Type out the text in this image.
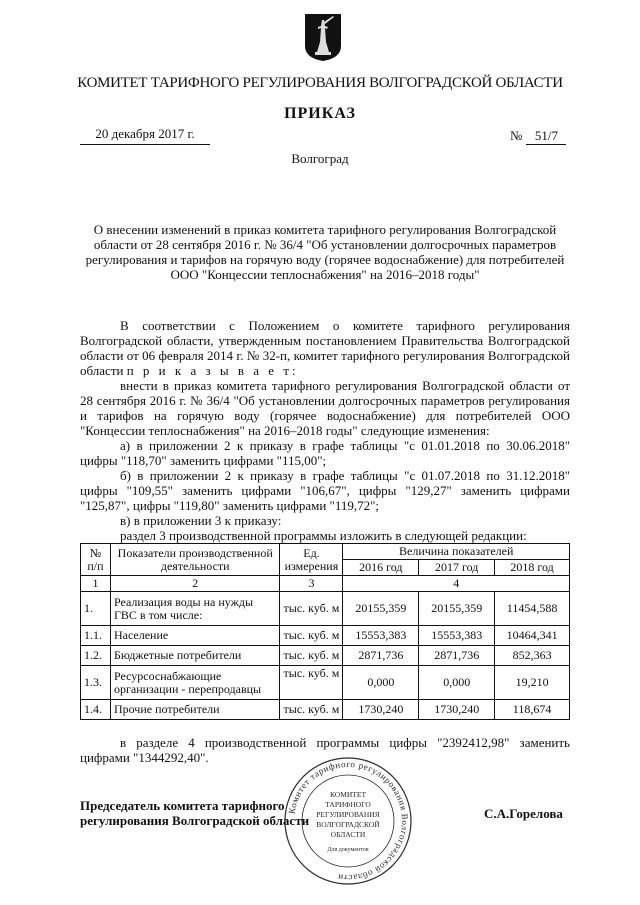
КОМИТЕТ ТАРИФНОГО РЕГУЛИРОВАНИЯ ВОЛГОГРАДСКОЙ ОБЛАСТИ
ПРИКАЗ
20 декабря 2017 г.	№ 51/7
Волгоград
О внесении изменений в приказ комитета тарифного регулирования Волгоградской области от 28 сентября 2016 г. № 36/4 "Об установлении долгосрочных параметров регулирования и тарифов на горячую воду (горячее водоснабжение) для потребителей ООО "Концессии теплоснабжения" на 2016–2018 годы"

В соответствии с Положением о комитете тарифного регулирования Волгоградской области, утвержденным постановлением Правительства Волгоградской области от 06 февраля 2014 г. № 32-п, комитет тарифного регулирования Волгоградской области п р и к а з ы в а е т:

внести в приказ комитета тарифного регулирования Волгоградской области от 28 сентября 2016 г. № 36/4 "Об установлении долгосрочных параметров регулирования и тарифов на горячую воду (горячее водоснабжение) для потребителей ООО "Концессии теплоснабжения" на 2016–2018 годы" следующие изменения:

а) в приложении 2 к приказу в графе таблицы "с 01.01.2018 по 30.06.2018" цифры "118,70" заменить цифрами "115,00";

б) в приложении 2 к приказу в графе таблицы "с 01.07.2018 по 31.12.2018" цифры "109,55" заменить цифрами "106,67", цифры "129,27" заменить цифрами "125,87", цифры "119,80" заменить цифрами "119,72";

в) в приложении 3 к приказу:

раздел 3 производственной программы изложить в следующей редакции:

№ п/п	Показатели производственной деятельности	Ед. измерения	Величина показателей		
			2016 год	2017 год	2018 год
1	2	3	4		
1.	Реализация воды на нужды ГВС в том числе:	тыс. куб. м	20155,359	20155,359	11454,588
1.1.	Население	тыс. куб. м	15553,383	15553,383	10464,341
1.2.	Бюджетные потребители	тыс. куб. м	2871,736	2871,736	852,363
1.3.	Ресурсоснабжающие организации - перепродавцы	тыс. куб. м	0,000	0,000	19,210
1.4.	Прочие потребители	тыс. куб. м	1730,240	1730,240	118,674

в разделе 4 производственной программы цифры "2392412,98" заменить цифрами "1344292,40".

Комитет тарифного регулирования Волгоградской области
КОМИТЕТ
ТАРИФНОГО
РЕГУЛИРОВАНИЯ
ВОЛГОГРАДСКОЙ
ОБЛАСТИ
Для документов
Председатель комитета тарифного регулирования Волгоградской области	С.А.Горелова
